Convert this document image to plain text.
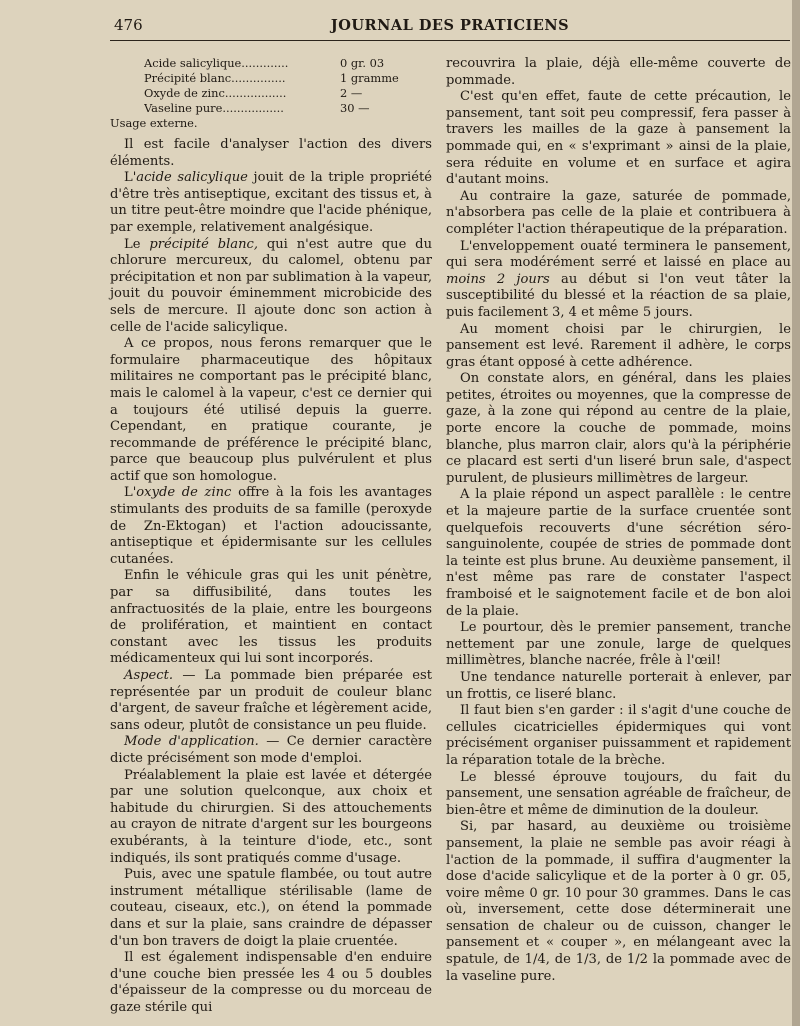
476	JOURNAL DES PRATICIENS
Acide salicylique.............	0 gr. 03
Précipité blanc...............	1 gramme
Oxyde de zinc.................	2 —
Vaseline pure.................	30 —
Usage externe.

Il est facile d'analyser l'action des divers éléments.

L'acide salicylique jouit de la triple propriété d'être très antiseptique, excitant des tissus et, à un titre peut-être moindre que l'acide phénique, par exemple, relativement analgésique.

Le précipité blanc, qui n'est autre que du chlorure mercureux, du calomel, obtenu par précipitation et non par sublimation à la vapeur, jouit du pouvoir éminemment microbicide des sels de mercure. Il ajoute donc son action à celle de l'acide salicylique.

A ce propos, nous ferons remarquer que le formulaire pharmaceutique des hôpitaux militaires ne comportant pas le précipité blanc, mais le calomel à la vapeur, c'est ce dernier qui a toujours été utilisé depuis la guerre. Cependant, en pratique courante, je recommande de préférence le précipité blanc, parce que beaucoup plus pulvérulent et plus actif que son homologue.

L'oxyde de zinc offre à la fois les avantages stimulants des produits de sa famille (peroxyde de Zn-Ektogan) et l'action adoucissante, antiseptique et épidermisante sur les cellules cutanées.

Enfin le véhicule gras qui les unit pénètre, par sa diffusibilité, dans toutes les anfractuosités de la plaie, entre les bourgeons de prolifération, et maintient en contact constant avec les tissus les produits médicamenteux qui lui sont incorporés.

Aspect. — La pommade bien préparée est représentée par un produit de couleur blanc d'argent, de saveur fraîche et légèrement acide, sans odeur, plutôt de consistance un peu fluide.

Mode d'application. — Ce dernier caractère dicte précisément son mode d'emploi.

Préalablement la plaie est lavée et détergée par une solution quelconque, aux choix et habitude du chirurgien. Si des attouchements au crayon de nitrate d'argent sur les bourgeons exubérants, à la teinture d'iode, etc., sont indiqués, ils sont pratiqués comme d'usage.

Puis, avec une spatule flambée, ou tout autre instrument métallique stérilisable (lame de couteau, ciseaux, etc.), on étend la pommade dans et sur la plaie, sans craindre de dépasser d'un bon travers de doigt la plaie cruentée.

Il est également indispensable d'en enduire d'une couche bien pressée les 4 ou 5 doubles d'épaisseur de la compresse ou du morceau de gaze stérile qui

recouvrira la plaie, déjà elle-même couverte de pommade.

C'est qu'en effet, faute de cette précaution, le pansement, tant soit peu compressif, fera passer à travers les mailles de la gaze à pansement la pommade qui, en « s'exprimant » ainsi de la plaie, sera réduite en volume et en surface et agira d'autant moins.

Au contraire la gaze, saturée de pommade, n'absorbera pas celle de la plaie et contribuera à compléter l'action thérapeutique de la préparation.

L'enveloppement ouaté terminera le pansement, qui sera modérément serré et laissé en place au moins 2 jours au début si l'on veut tâter la susceptibilité du blessé et la réaction de sa plaie, puis facilement 3, 4 et même 5 jours.

Au moment choisi par le chirurgien, le pansement est levé. Rarement il adhère, le corps gras étant opposé à cette adhérence.

On constate alors, en général, dans les plaies petites, étroites ou moyennes, que la compresse de gaze, à la zone qui répond au centre de la plaie, porte encore la couche de pommade, moins blanche, plus marron clair, alors qu'à la périphérie ce placard est serti d'un liseré brun sale, d'aspect purulent, de plusieurs millimètres de largeur.

A la plaie répond un aspect parallèle : le centre et la majeure partie de la surface cruentée sont quelquefois recouverts d'une sécrétion séro-sanguinolente, coupée de stries de pommade dont la teinte est plus brune. Au deuxième pansement, il n'est même pas rare de constater l'aspect framboisé et le saignotement facile et de bon aloi de la plaie.

Le pourtour, dès le premier pansement, tranche nettement par une zonule, large de quelques millimètres, blanche nacrée, frêle à l'œil!

Une tendance naturelle porterait à enlever, par un frottis, ce liseré blanc.

Il faut bien s'en garder : il s'agit d'une couche de cellules cicatricielles épidermiques qui vont précisément organiser puissamment et rapidement la réparation totale de la brèche.

Le blessé éprouve toujours, du fait du pansement, une sensation agréable de fraîcheur, de bien-être et même de diminution de la douleur.

Si, par hasard, au deuxième ou troisième pansement, la plaie ne semble pas avoir réagi à l'action de la pommade, il suffira d'augmenter la dose d'acide salicylique et de la porter à 0 gr. 05, voire même 0 gr. 10 pour 30 grammes. Dans le cas où, inversement, cette dose déterminerait une sensation de chaleur ou de cuisson, changer le pansement et « couper », en mélangeant avec la spatule, de 1/4, de 1/3, de 1/2 la pommade avec de la vaseline pure.
